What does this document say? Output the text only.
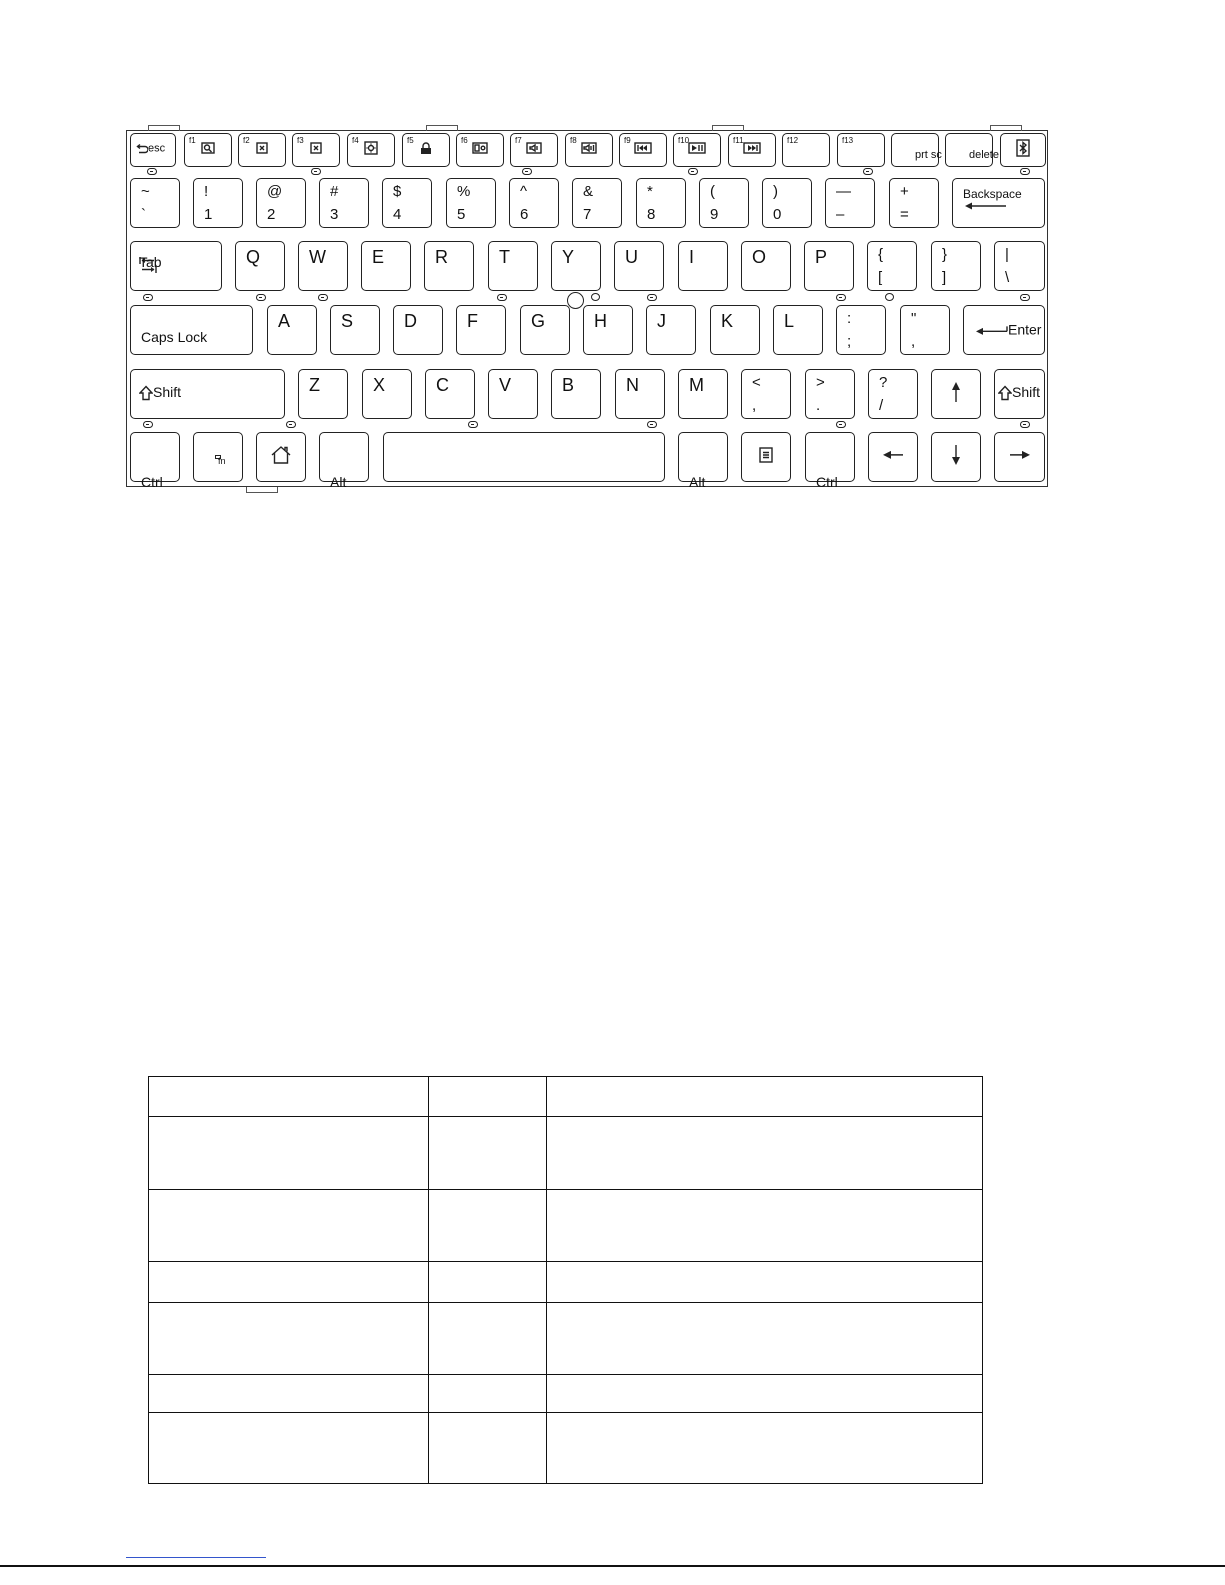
esc
f1	f2	f3	f4	f5	f6	f7	f8	f9	f10	f11	f12	f13
prt sc delete
~
`
!
1
@
2
#
3
$
4
%
5
^
6
&
7
*
8
(
9
)
0
—
–
+
=
Backspace

Tab	Q	W	E	R	T	Y	U	I	O	P	{
[
}
]
|
\
Caps Lock
A	S	D	F	G	H	J	K	L	:
;
"
,
Enter
Shift	Z	X	C	V	B	N	M	<
,
>
.
?
/
Shift
Ctrl
fn
Alt	Alt	Ctrl
